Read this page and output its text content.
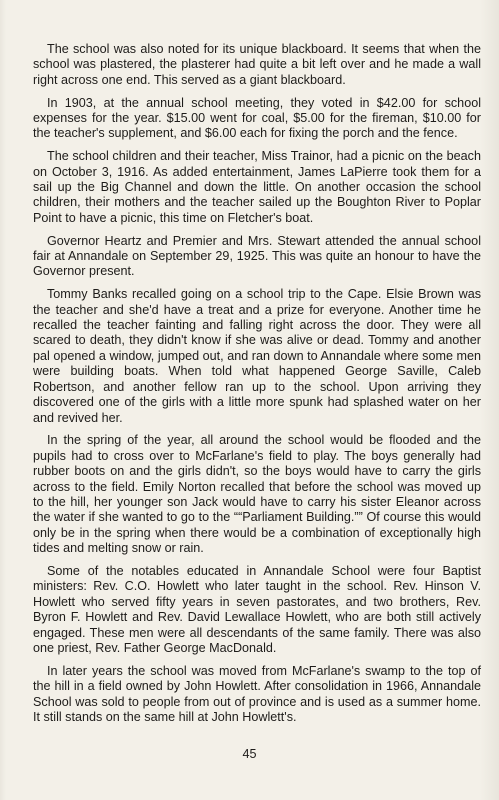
The school was also noted for its unique blackboard. It seems that when the school was plastered, the plasterer had quite a bit left over and he made a wall right across one end. This served as a giant blackboard.

In 1903, at the annual school meeting, they voted in $42.00 for school expenses for the year. $15.00 went for coal, $5.00 for the fireman, $10.00 for the teacher's supplement, and $6.00 each for fixing the porch and the fence.

The school children and their teacher, Miss Trainor, had a picnic on the beach on October 3, 1916. As added entertainment, James LaPierre took them for a sail up the Big Channel and down the little. On another occasion the school children, their mothers and the teacher sailed up the Boughton River to Poplar Point to have a picnic, this time on Fletcher's boat.

Governor Heartz and Premier and Mrs. Stewart attended the annual school fair at Annandale on September 29, 1925. This was quite an honour to have the Governor present.

Tommy Banks recalled going on a school trip to the Cape. Elsie Brown was the teacher and she'd have a treat and a prize for everyone. Another time he recalled the teacher fainting and falling right across the door. They were all scared to death, they didn't know if she was alive or dead. Tommy and another pal opened a window, jumped out, and ran down to Annandale where some men were building boats. When told what happened George Saville, Caleb Robertson, and another fellow ran up to the school. Upon arriving they discovered one of the girls with a little more spunk had splashed water on her and revived her.

In the spring of the year, all around the school would be flooded and the pupils had to cross over to McFarlane's field to play. The boys generally had rubber boots on and the girls didn't, so the boys would have to carry the girls across to the field. Emily Norton recalled that before the school was moved up to the hill, her younger son Jack would have to carry his sister Eleanor across the water if she wanted to go to the ““Parliament Building.”” Of course this would only be in the spring when there would be a combination of exceptionally high tides and melting snow or rain.

Some of the notables educated in Annandale School were four Baptist ministers: Rev. C.O. Howlett who later taught in the school. Rev. Hinson V. Howlett who served fifty years in seven pastorates, and two brothers, Rev. Byron F. Howlett and Rev. David Lewallace Howlett, who are both still actively engaged. These men were all descendants of the same family. There was also one priest, Rev. Father George MacDonald.

In later years the school was moved from McFarlane's swamp to the top of the hill in a field owned by John Howlett. After consolidation in 1966, Annandale School was sold to people from out of province and is used as a summer home. It still stands on the same hill at John Howlett's.

45
